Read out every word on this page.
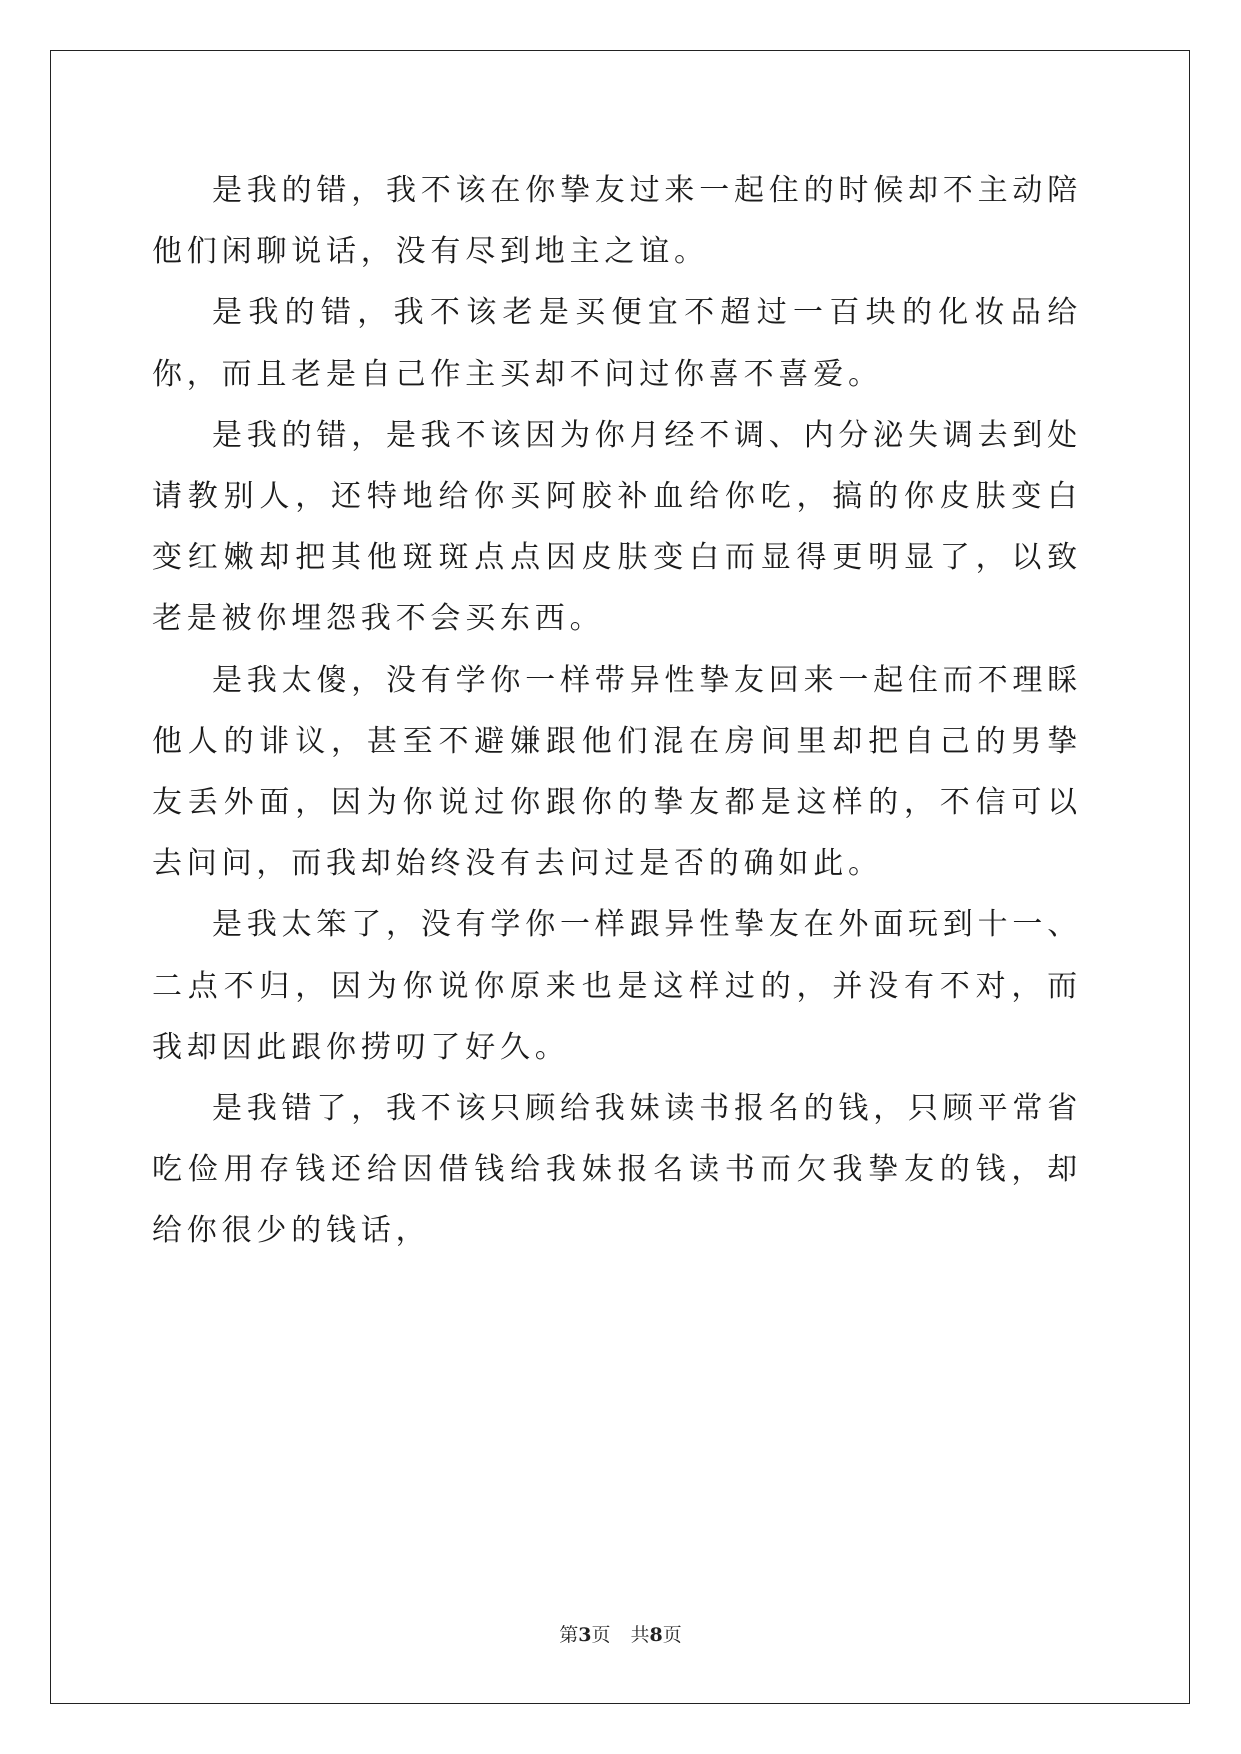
是我的错，我不该在你挚友过来一起住的时候却不主动陪他们闲聊说话，没有尽到地主之谊。

是我的错，我不该老是买便宜不超过一百块的化妆品给你，而且老是自己作主买却不问过你喜不喜爱。

是我的错，是我不该因为你月经不调、内分泌失调去到处请教别人，还特地给你买阿胶补血给你吃，搞的你皮肤变白变红嫩却把其他斑斑点点因皮肤变白而显得更明显了，以致老是被你埋怨我不会买东西。

是我太傻，没有学你一样带异性挚友回来一起住而不理睬他人的诽议，甚至不避嫌跟他们混在房间里却把自己的男挚友丢外面，因为你说过你跟你的挚友都是这样的，不信可以去问问，而我却始终没有去问过是否的确如此。

是我太笨了，没有学你一样跟异性挚友在外面玩到十一、二点不归，因为你说你原来也是这样过的，并没有不对，而我却因此跟你捞叨了好久。

是我错了，我不该只顾给我妹读书报名的钱，只顾平常省吃俭用存钱还给因借钱给我妹报名读书而欠我挚友的钱，却给你很少的钱话，

第3页 共8页
